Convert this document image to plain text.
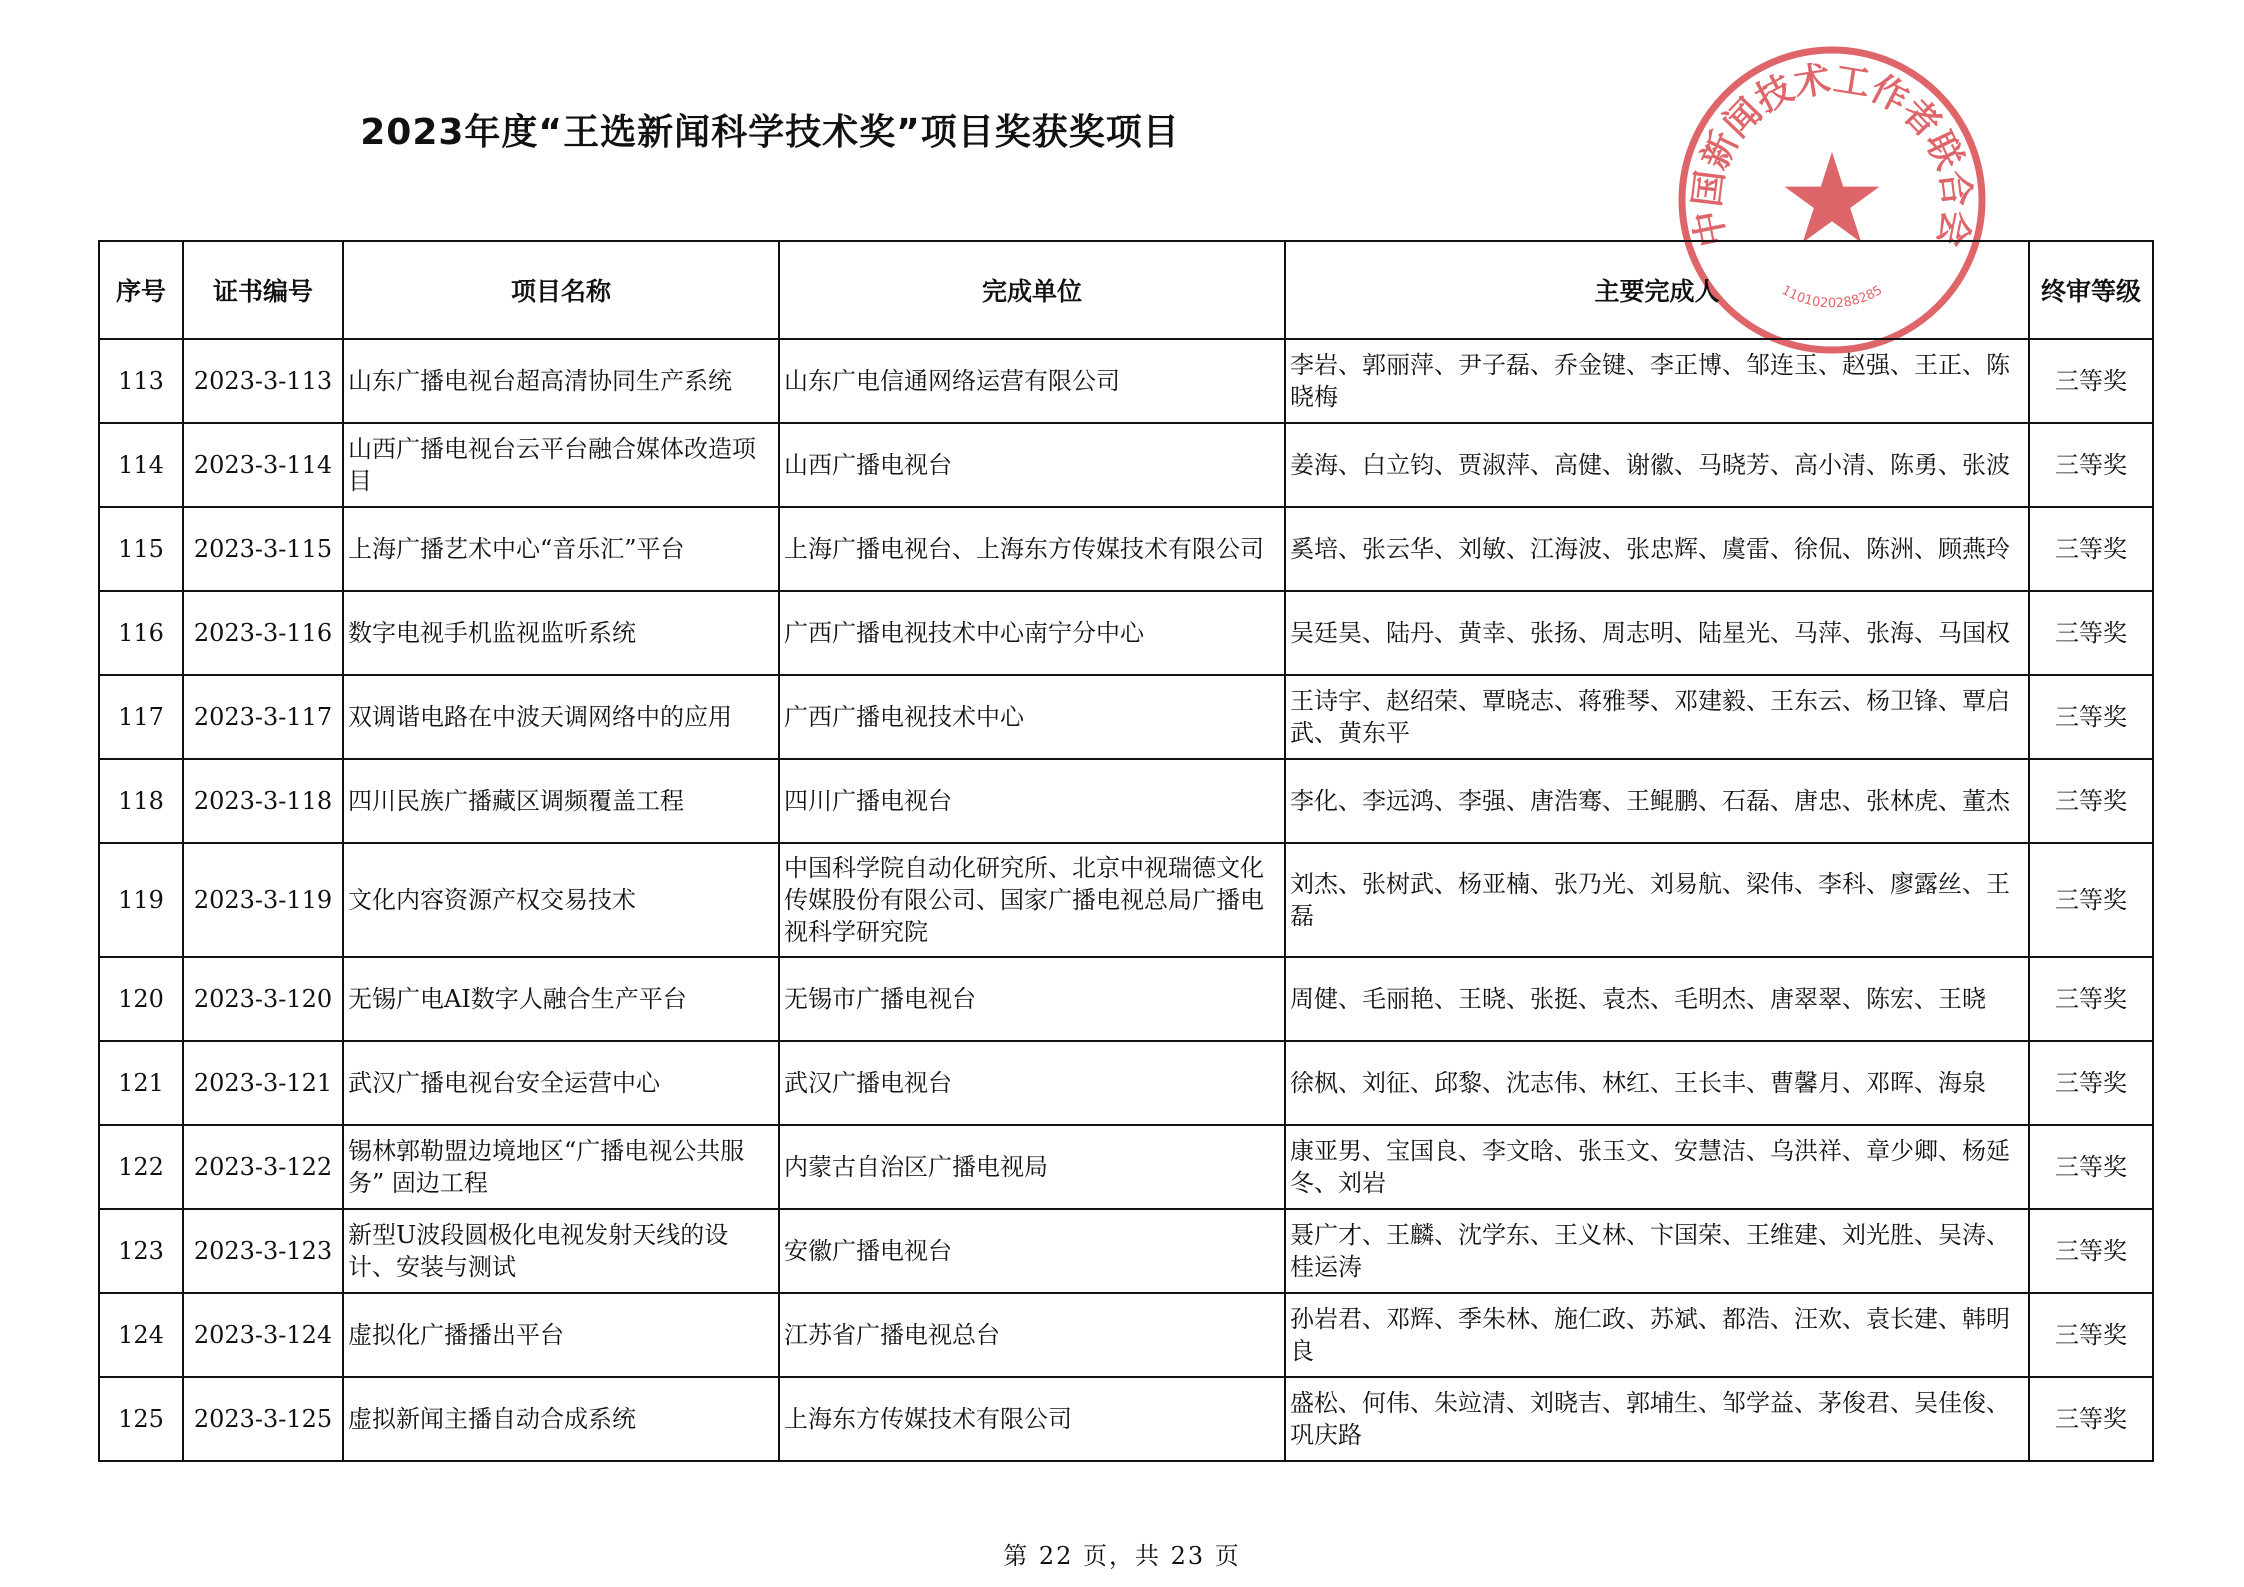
2023年度“王选新闻科学技术奖”项目奖获奖项目
中国新闻技术工作者联合会
1101020288285
序号	证书编号	项目名称	完成单位	主要完成人	终审等级
113	2023-3-113	山东广播电视台超高清协同生产系统	山东广电信通网络运营有限公司	李岩、郭丽萍、尹子磊、乔金键、李正博、邹连玉、赵强、王正、陈晓梅	三等奖
114	2023-3-114	山西广播电视台云平台融合媒体改造项目	山西广播电视台	姜海、白立钧、贾淑萍、高健、谢徽、马晓芳、高小清、陈勇、张波	三等奖
115	2023-3-115	上海广播艺术中心“音乐汇”平台	上海广播电视台、上海东方传媒技术有限公司	奚培、张云华、刘敏、江海波、张忠辉、虞雷、徐侃、陈洲、顾燕玲	三等奖
116	2023-3-116	数字电视手机监视监听系统	广西广播电视技术中心南宁分中心	吴廷昊、陆丹、黄幸、张扬、周志明、陆星光、马萍、张海、马国权	三等奖
117	2023-3-117	双调谐电路在中波天调网络中的应用	广西广播电视技术中心	王诗宇、赵绍荣、覃晓志、蒋雅琴、邓建毅、王东云、杨卫锋、覃启武、黄东平	三等奖
118	2023-3-118	四川民族广播藏区调频覆盖工程	四川广播电视台	李化、李远鸿、李强、唐浩骞、王鲲鹏、石磊、唐忠、张林虎、董杰	三等奖
119	2023-3-119	文化内容资源产权交易技术	中国科学院自动化研究所、北京中视瑞德文化传媒股份有限公司、国家广播电视总局广播电视科学研究院	刘杰、张树武、杨亚楠、张乃光、刘易航、梁伟、李科、廖露丝、王磊	三等奖
120	2023-3-120	无锡广电AI数字人融合生产平台	无锡市广播电视台	周健、毛丽艳、王晓、张挺、袁杰、毛明杰、唐翠翠、陈宏、王晓	三等奖
121	2023-3-121	武汉广播电视台安全运营中心	武汉广播电视台	徐枫、刘征、邱黎、沈志伟、林红、王长丰、曹馨月、邓晖、海泉	三等奖
122	2023-3-122	锡林郭勒盟边境地区“广播电视公共服务” 固边工程	内蒙古自治区广播电视局	康亚男、宝国良、李文晗、张玉文、安慧洁、乌洪祥、章少卿、杨延冬、刘岩	三等奖
123	2023-3-123	新型U波段圆极化电视发射天线的设计、安装与测试	安徽广播电视台	聂广才、王麟、沈学东、王义林、卞国荣、王维建、刘光胜、吴涛、桂运涛	三等奖
124	2023-3-124	虚拟化广播播出平台	江苏省广播电视总台	孙岩君、邓辉、季朱林、施仁政、苏斌、都浩、汪欢、袁长建、韩明良	三等奖
125	2023-3-125	虚拟新闻主播自动合成系统	上海东方传媒技术有限公司	盛松、何伟、朱竝清、刘晓吉、郭埔生、邹学益、茅俊君、吴佳俊、巩庆路	三等奖
第 22 页，共 23 页
